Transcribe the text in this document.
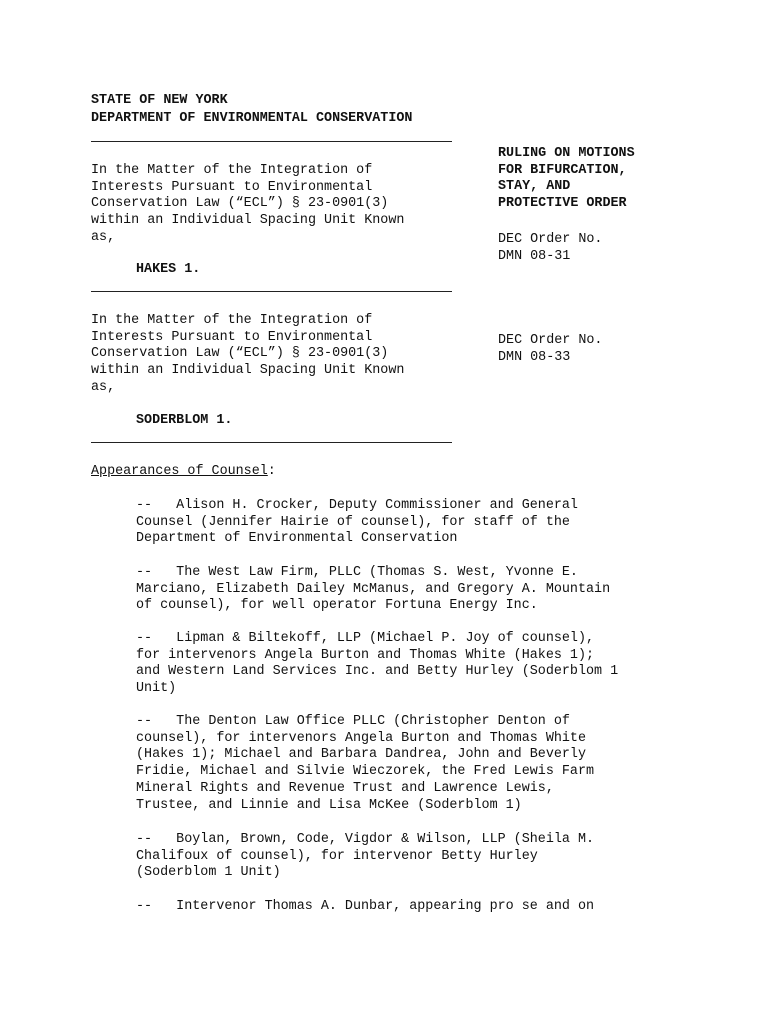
STATE OF NEW YORK
DEPARTMENT OF ENVIRONMENTAL CONSERVATION
RULING ON MOTIONS
FOR BIFURCATION,
STAY, AND
PROTECTIVE ORDER
In the Matter of the Integration of
Interests Pursuant to Environmental
Conservation Law (“ECL”) § 23-0901(3)
within an Individual Spacing Unit Known
as,
HAKES 1.
DEC Order No.
DMN 08-31
In the Matter of the Integration of
Interests Pursuant to Environmental
Conservation Law (“ECL”) § 23-0901(3)
within an Individual Spacing Unit Known
as,
SODERBLOM 1.
DEC Order No.
DMN 08-33
Appearances of Counsel:
--   Alison H. Crocker, Deputy Commissioner and General
Counsel (Jennifer Hairie of counsel), for staff of the
Department of Environmental Conservation
--   The West Law Firm, PLLC (Thomas S. West, Yvonne E.
Marciano, Elizabeth Dailey McManus, and Gregory A. Mountain
of counsel), for well operator Fortuna Energy Inc.
--   Lipman & Biltekoff, LLP (Michael P. Joy of counsel),
for intervenors Angela Burton and Thomas White (Hakes 1);
and Western Land Services Inc. and Betty Hurley (Soderblom 1
Unit)
--   The Denton Law Office PLLC (Christopher Denton of
counsel), for intervenors Angela Burton and Thomas White
(Hakes 1); Michael and Barbara Dandrea, John and Beverly
Fridie, Michael and Silvie Wieczorek, the Fred Lewis Farm
Mineral Rights and Revenue Trust and Lawrence Lewis,
Trustee, and Linnie and Lisa McKee (Soderblom 1)
--   Boylan, Brown, Code, Vigdor & Wilson, LLP (Sheila M.
Chalifoux of counsel), for intervenor Betty Hurley
(Soderblom 1 Unit)
--   Intervenor Thomas A. Dunbar, appearing pro se and on
